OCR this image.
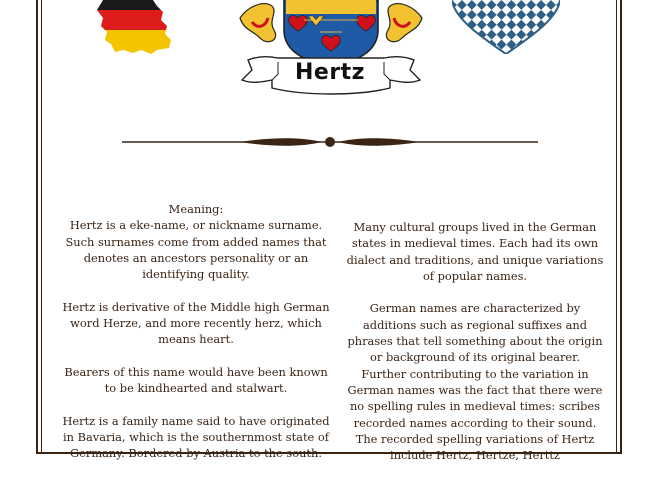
Hertz
Meaning:

Hertz is a eke-name, or nickname surname. Such surnames come from added names that denotes an ancestors personality or an identifying quality.

Hertz is derivative of the Middle high German word Herze, and more recently herz, which means heart.

Bearers of this name would have been known to be kindhearted and stalwart.

Hertz is a family name said to have originated in Bavaria, which is the southernmost state of Germany. Bordered by Austria to the south.

Many cultural groups lived in the German states in medieval times. Each had its own dialect and traditions, and unique variations of popular names.

German names are characterized by additions such as regional suffixes and phrases that tell something about the origin or background of its original bearer.

Further contributing to the variation in German names was the fact that there were no spelling rules in medieval times: scribes recorded names according to their sound. The recorded spelling variations of Hertz include Hertz, Hertze, Herttz
